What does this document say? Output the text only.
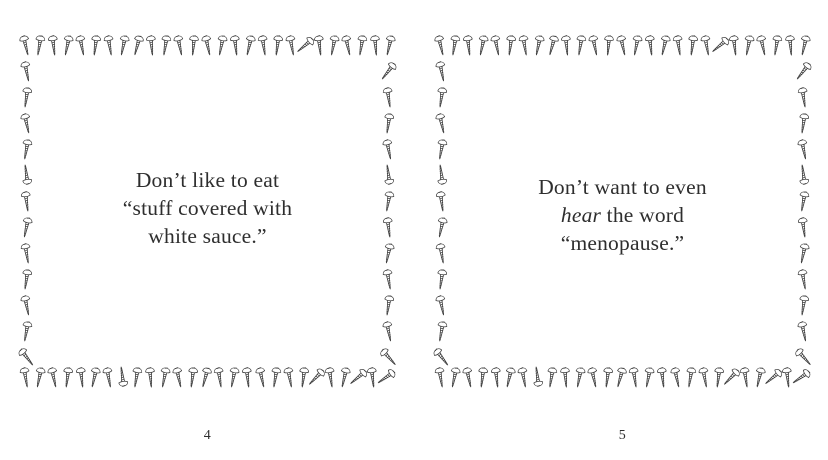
Don’t like to eat
“stuff covered with
white sauce.”
4
Don’t want to even
hear the word
“menopause.”
5
